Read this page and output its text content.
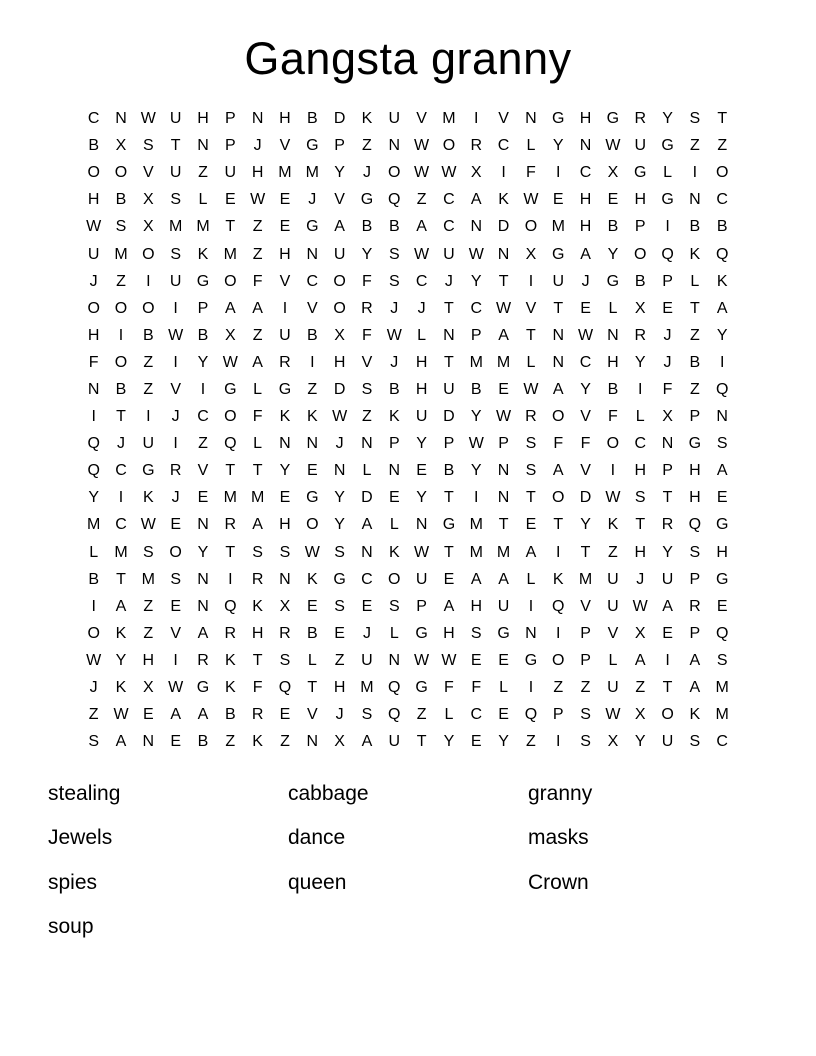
Gangsta granny
C N W U H	P	N H	B	D	K	U	V M	I	V	N G H G R	Y	S	T
B	X	S	T	N	P	J	V G P	Z	N W O R C	L	Y	N W U G	Z	Z
O O V	U	Z	U H M M Y	J	O W W X	I	F	I	C	X G	L	I	O
H	B	X	S	L	E W E	J	V G Q	Z	C	A	K W E	H	E	H G N C
W S	X M M T	Z	E G A	B	B	A	C N D O M H	B	P	I	B	B
U M O S	K M Z	H N U	Y	S W U W N	X G A	Y O Q K Q
J	Z	I	U G O	F	V	C O	F	S	C	J	Y	T	I	U	J	G B	P	L	K
O O O	I	P	A	A	I	V O R	J	J	T	C W V	T	E	L	X	E	T	A
H	I	B W B	X	Z	U	B	X	F W L	N	P	A	T	N W N R	J	Z	Y
F	O	Z	I	Y W A	R	I	H	V	J	H	T M M	L	N C H	Y	J	B	I
N	B	Z	V	I	G	L	G	Z	D	S	B	H U	B	E W A	Y	B	I	F	Z	Q
I	T	I	J	C O	F	K	K W Z	K	U D	Y W R O V	F	L	X	P	N
Q	J	U	I	Z	Q	L	N N	J	N	P	Y	P W P	S	F	F	O C N G S
Q C G R	V	T	T	Y	E	N	L	N	E	B	Y	N	S	A	V	I	H	P	H	A
Y	I	K	J	E M M E G Y	D	E	Y	T	I	N	T	O D W S	T	H	E
M C W E	N R	A	H O Y	A	L	N G M T	E	T	Y	K	T	R Q G
L	M S O Y	T	S	S W S	N	K W T M M A	I	T	Z	H	Y	S	H
B	T M S	N	I	R N	K G C O U	E	A	A	L	K M U	J	U	P G
I	A	Z	E	N Q K	X	E	S	E	S	P	A	H U	I	Q V	U W A	R	E
O K	Z	V	A	R H R	B	E	J	L	G H	S G N	I	P	V	X	E	P Q
W Y	H	I	R	K	T	S	L	Z	U N W W E	E G O P	L	A	I	A	S
J	K	X W G K	F	Q	T	H M Q G	F	F	L	I	Z	Z	U	Z	T	A M
Z W E	A	A	B	R	E	V	J	S Q	Z	L	C	E Q P	S W X O K M
S	A	N	E	B	Z	K	Z	N	X	A	U	T	Y	E	Y	Z	I	S	X	Y	U	S	C
stealing
Jewels
spies
soup
cabbage
dance
queen
granny
masks
Crown
